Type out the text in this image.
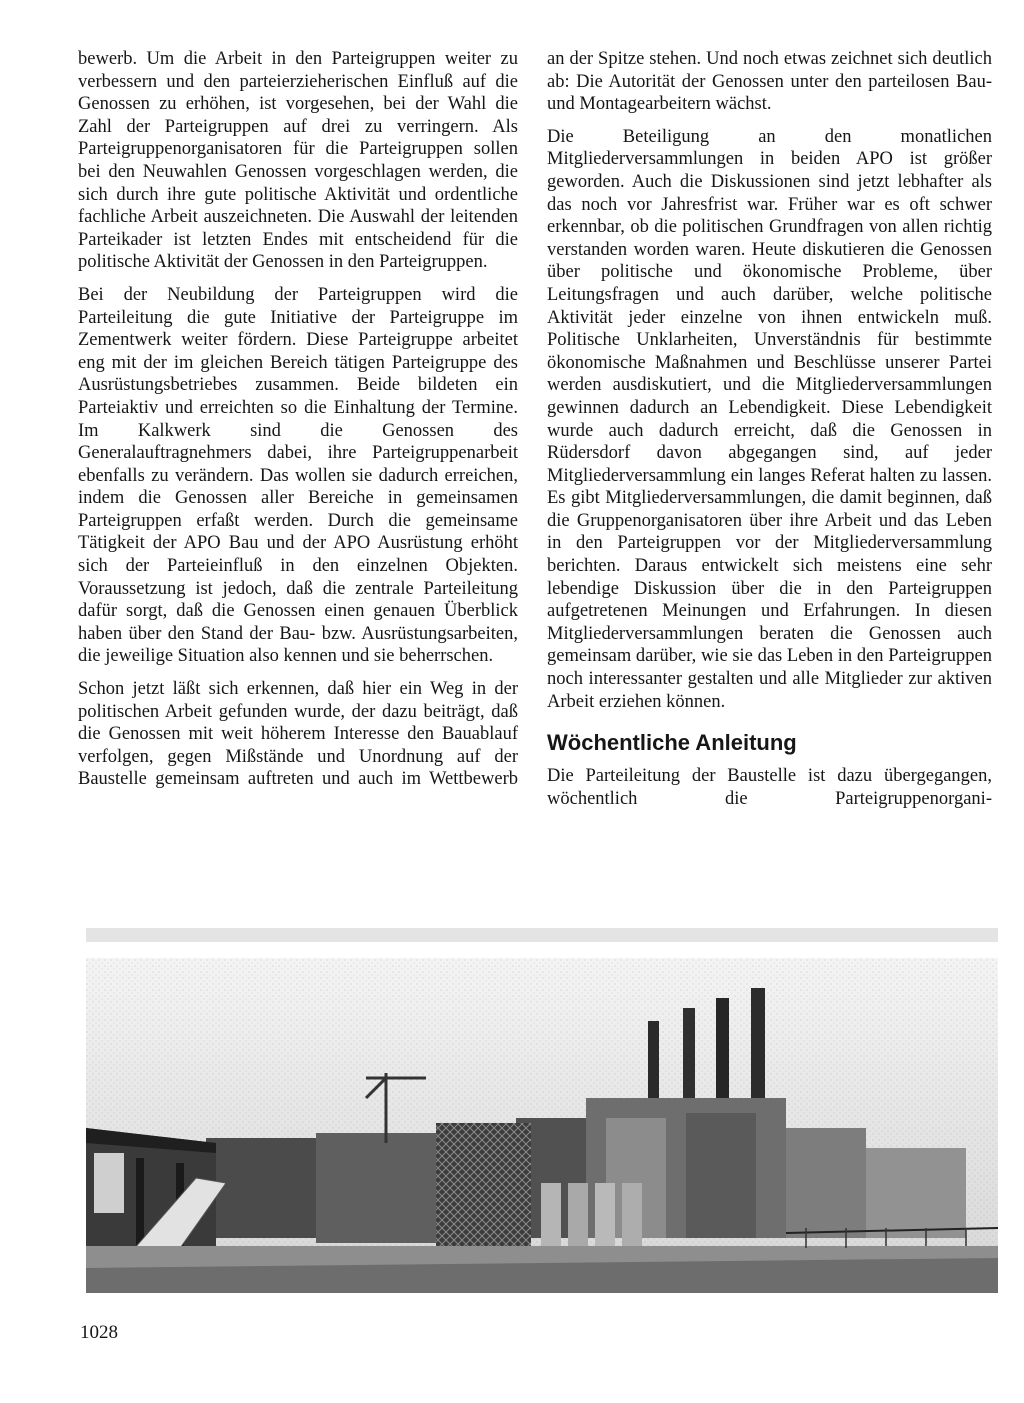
bewerb. Um die Arbeit in den Parteigruppen weiter zu verbessern und den parteierzieherischen Einfluß auf die Genossen zu erhöhen, ist vorgesehen, bei der Wahl die Zahl der Parteigruppen auf drei zu verringern. Als Parteigruppenorganisatoren für die Parteigruppen sollen bei den Neuwahlen Genossen vorgeschlagen werden, die sich durch ihre gute politische Aktivität und ordentliche fachliche Arbeit auszeichneten. Die Auswahl der leitenden Parteikader ist letzten Endes mit entscheidend für die politische Aktivität der Genossen in den Parteigruppen.

Bei der Neubildung der Parteigruppen wird die Parteileitung die gute Initiative der Parteigruppe im Zementwerk weiter fördern. Diese Parteigruppe arbeitet eng mit der im gleichen Bereich tätigen Parteigruppe des Ausrüstungsbetriebes zusammen. Beide bildeten ein Parteiaktiv und erreichten so die Einhaltung der Termine. Im Kalkwerk sind die Genossen des Generalauftragnehmers dabei, ihre Parteigruppenarbeit ebenfalls zu verändern. Das wollen sie dadurch erreichen, indem die Genossen aller Bereiche in gemeinsamen Parteigruppen erfaßt werden. Durch die gemeinsame Tätigkeit der APO Bau und der APO Ausrüstung erhöht sich der Parteieinfluß in den einzelnen Objekten. Voraussetzung ist jedoch, daß die zentrale Parteileitung dafür sorgt, daß die Genossen einen genauen Überblick haben über den Stand der Bau- bzw. Ausrüstungsarbeiten, die jeweilige Situation also kennen und sie beherrschen.

Schon jetzt läßt sich erkennen, daß hier ein Weg in der politischen Arbeit gefunden wurde, der dazu beiträgt, daß die Genossen mit weit höherem Interesse den Bauablauf verfolgen, gegen Mißstände und Unordnung auf der Baustelle gemeinsam auftreten und auch im Wettbewerb

an der Spitze stehen. Und noch etwas zeichnet sich deutlich ab: Die Autorität der Genossen unter den parteilosen Bau- und Montagearbeitern wächst.

Die Beteiligung an den monatlichen Mitgliederversammlungen in beiden APO ist größer geworden. Auch die Diskussionen sind jetzt lebhafter als das noch vor Jahresfrist war. Früher war es oft schwer erkennbar, ob die politischen Grundfragen von allen richtig verstanden worden waren. Heute diskutieren die Genossen über politische und ökonomische Probleme, über Leitungsfragen und auch darüber, welche politische Aktivität jeder einzelne von ihnen entwickeln muß. Politische Unklarheiten, Unverständnis für bestimmte ökonomische Maßnahmen und Beschlüsse unserer Partei werden ausdiskutiert, und die Mitgliederversammlungen gewinnen dadurch an Lebendigkeit. Diese Lebendigkeit wurde auch dadurch erreicht, daß die Genossen in Rüdersdorf davon abgegangen sind, auf jeder Mitgliederversammlung ein langes Referat halten zu lassen. Es gibt Mitgliederversammlungen, die damit beginnen, daß die Gruppenorganisatoren über ihre Arbeit und das Leben in den Parteigruppen vor der Mitgliederversammlung berichten. Daraus entwickelt sich meistens eine sehr lebendige Diskussion über die in den Parteigruppen aufgetretenen Meinungen und Erfahrungen. In diesen Mitgliederversammlungen beraten die Genossen auch gemeinsam darüber, wie sie das Leben in den Parteigruppen noch interessanter gestalten und alle Mitglieder zur aktiven Arbeit erziehen können.

Wöchentliche Anleitung

Die Parteileitung der Baustelle ist dazu übergegangen, wöchentlich die Parteigruppenorgani-

1028
